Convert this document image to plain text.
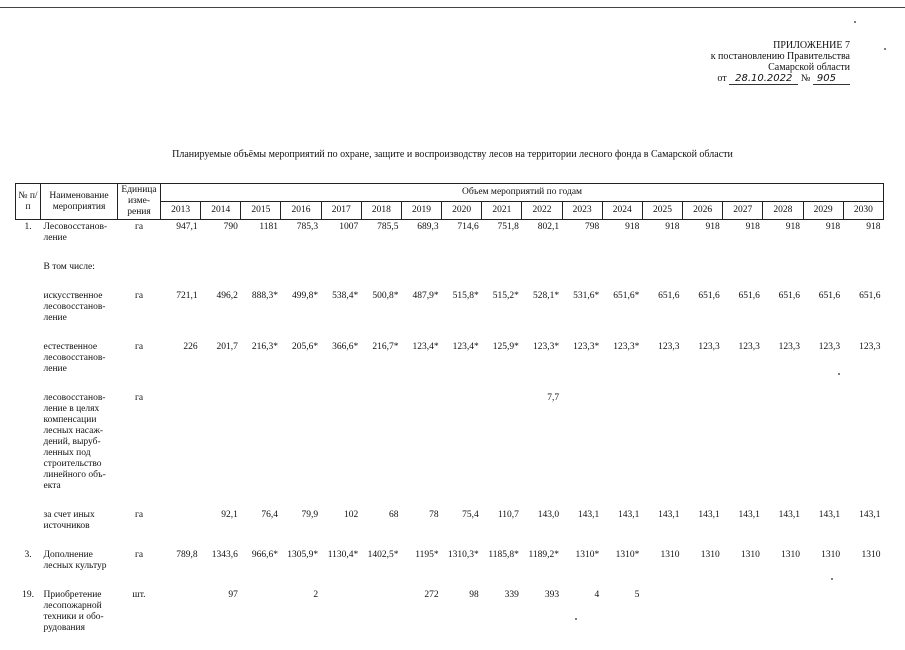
ПРИЛОЖЕНИЕ 7
к постановлению Правительства
Самарской области
от 28.10.2022 № 905
Планируемые объёмы мероприятий по охране, защите и воспроизводству лесов на территории лесного фонда в Самарской области
№ п/п	Наименование мероприятия	Единица изме-рения	Объем мероприятий по годам																	
			2013	2014	2015	2016	2017	2018	2019	2020	2021	2022	2023	2024	2025	2026	2027	2028	2029	2030
1.	Лесовосстанов-ление	га	947,1	790	1181	785,3	1007	785,5	689,3	714,6	751,8	802,1	798	918	918	918	918	918	918	918

	В том числе:																			

	искусственное лесовосстанов-ление	га	721,1	496,2	888,3*	499,8*	538,4*	500,8*	487,9*	515,8*	515,2*	528,1*	531,6*	651,6*	651,6	651,6	651,6	651,6	651,6	651,6

	естественное лесовосстанов-ление	га	226	201,7	216,3*	205,6*	366,6*	216,7*	123,4*	123,4*	125,9*	123,3*	123,3*	123,3*	123,3	123,3	123,3	123,3	123,3	123,3

	лесовосстанов-ление в целях компенсации лесных насаж-дений, выруб-ленных под строительство линейного объ-екта	га										7,7								

	за счет иных источников	га		92,1	76,4	79,9	102	68	78	75,4	110,7	143,0	143,1	143,1	143,1	143,1	143,1	143,1	143,1	143,1

3.	Дополнение лесных культур	га	789,8	1343,6	966,6*	1305,9*	1130,4*	1402,5*	1195*	1310,3*	1185,8*	1189,2*	1310*	1310*	1310	1310	1310	1310	1310	1310

19.	Приобретение лесопожарной техники и обо-рудования	шт.		97		2			272	98	339	393	4	5						
